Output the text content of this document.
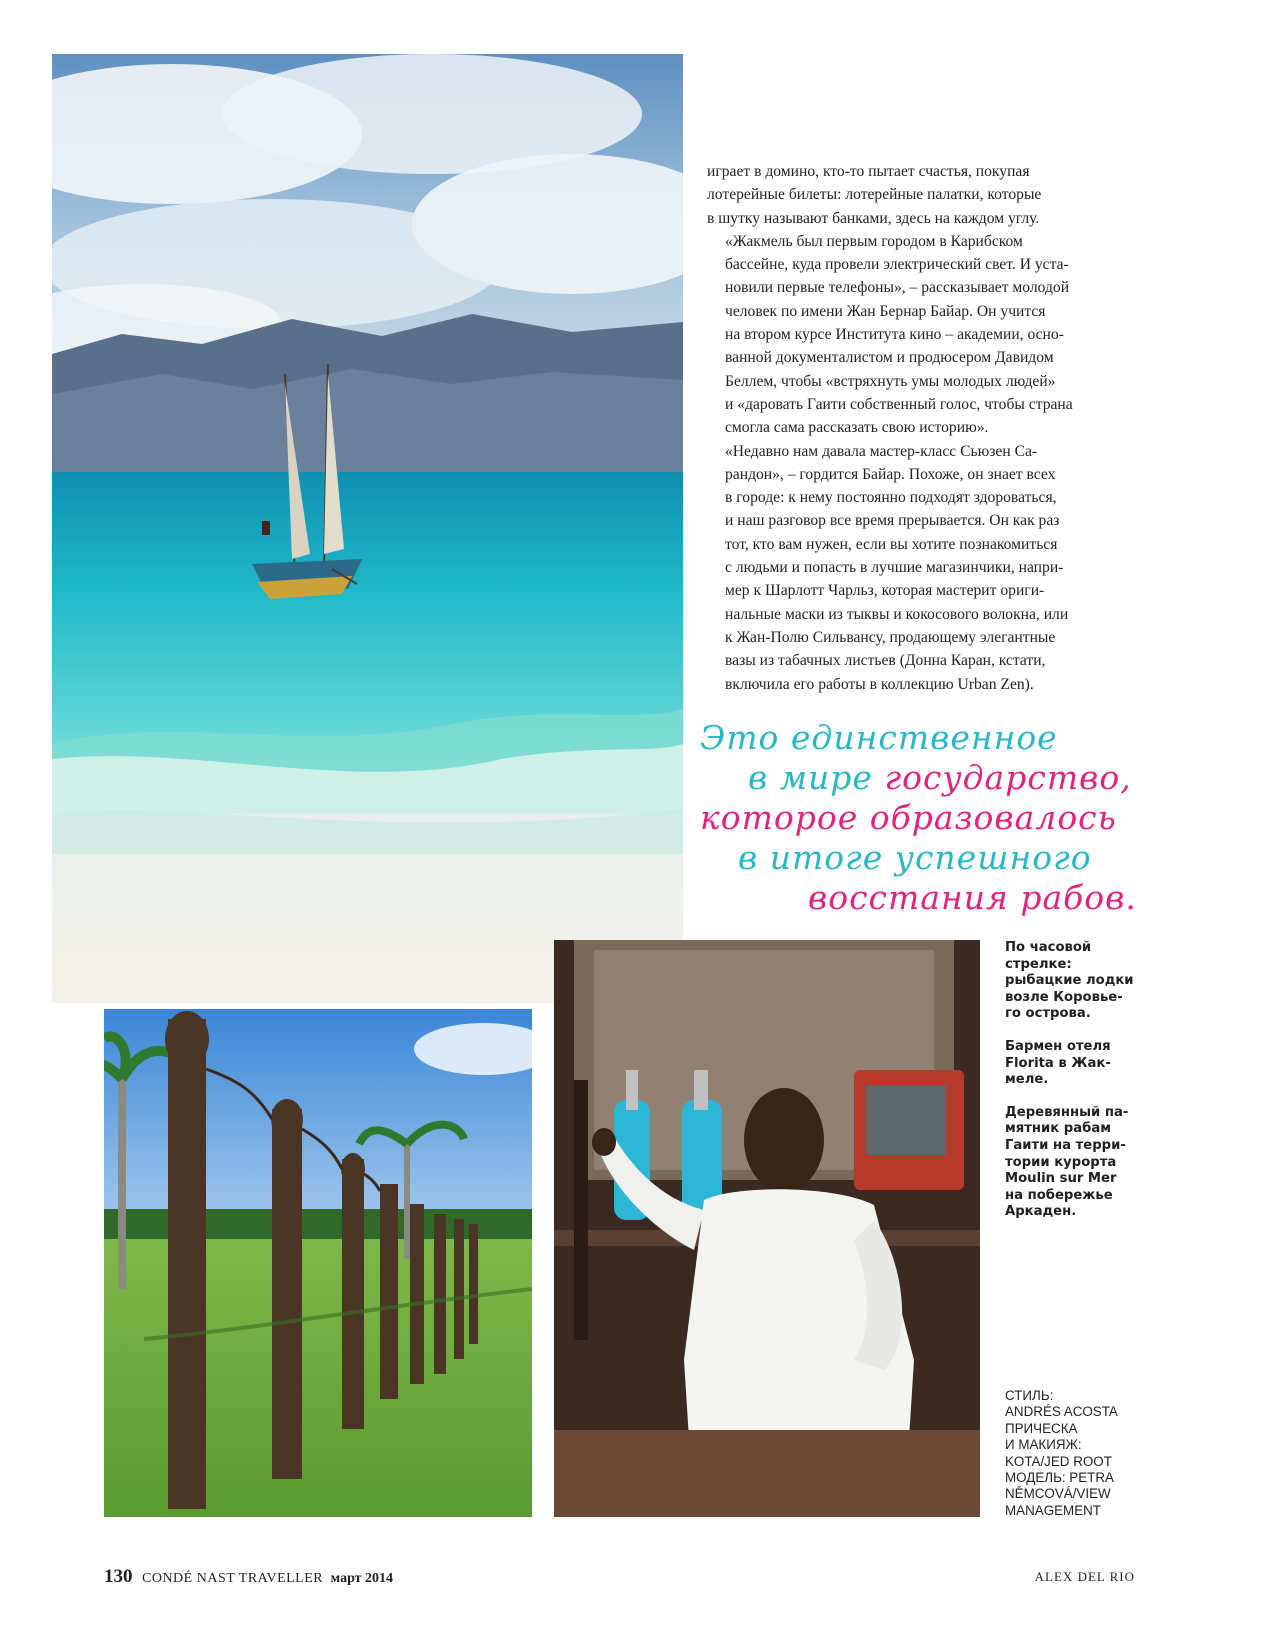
играет в домино, кто-то пытает счастья, покупая
лотерейные билеты: лотерейные палатки, которые
в шутку называют банками, здесь на каждом углу.

«Жакмель был первым городом в Карибском
бассейне, куда провели электрический свет. И уста-
новили первые телефоны», – рассказывает молодой
человек по имени Жан Бернар Байар. Он учится
на втором курсе Института кино – академии, осно-
ванной документалистом и продюсером Давидом
Беллем, чтобы «встряхнуть умы молодых людей»
и «даровать Гаити собственный голос, чтобы страна
смогла сама рассказать свою историю».

«Недавно нам давала мастер-класс Сьюзен Са-
рандон», – гордится Байар. Похоже, он знает всех
в городе: к нему постоянно подходят здороваться,
и наш разговор все время прерывается. Он как раз
тот, кто вам нужен, если вы хотите познакомиться
с людьми и попасть в лучшие магазинчики, напри-
мер к Шарлотт Чарльз, которая мастерит ориги-
нальные маски из тыквы и кокосового волокна, или
к Жан-Полю Сильвансу, продающему элегантные
вазы из табачных листьев (Донна Каран, кстати,
включила его работы в коллекцию Urban Zen).

Это единственное
в мире государство,
которое образовалось
в итоге успешного
восстания рабов.

По часовой
стрелке:
рыбацкие лодки
возле Коровье-
го острова.

Бармен отеля
Florita в Жак-
меле.

Деревянный па-
мятник рабам
Гаити на терри-
тории курорта
Moulin sur Mer
на побережье
Аркаден.

СТИЛЬ:
ANDRÉS ACOSTA
ПРИЧЕСКА
И МАКИЯЖ:
KOTA/JED ROOT
МОДЕЛЬ: PETRA
NĚMCOVÁ/VIEW
MANAGEMENT
130 CONDÉ NAST TRAVELLER март 2014	ALEX DEL RIO
